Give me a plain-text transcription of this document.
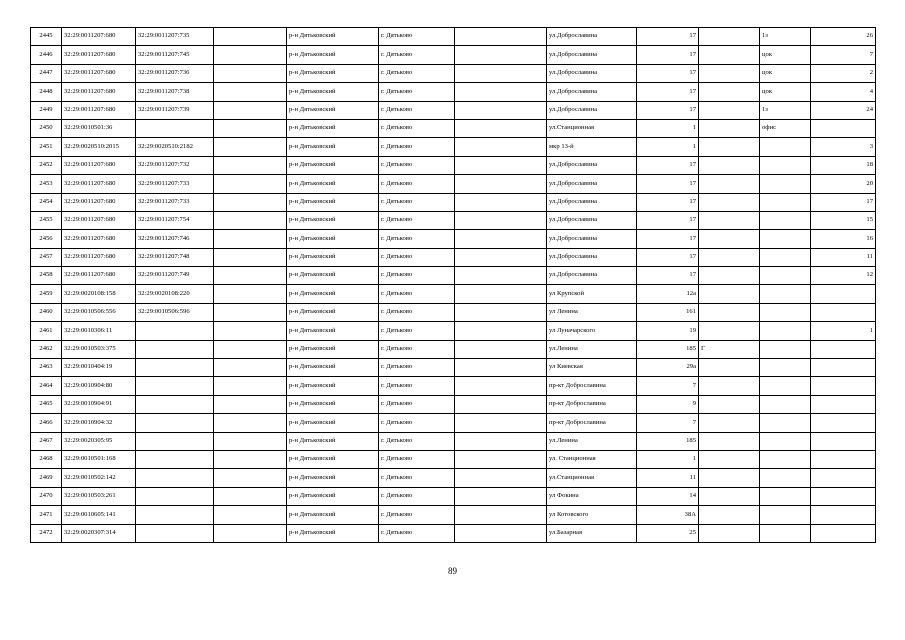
2445	32:29:0011207:680	32:29:0011207:735		р-н Дятьковский	г. Дятьково		ул.Доброславина	17		1з	26
2446	32:29:0011207:680	32:29:0011207:745		р-н Дятьковский	г. Дятьково		ул.Доброславина	17		цок	7
2447	32:29:0011207:680	32:29:0011207:736		р-н Дятьковский	г. Дятьково		ул.Доброславина	17		цок	2
2448	32:29:0011207:680	32:29:0011207:738		р-н Дятьковский	г. Дятьково		ул.Доброславина	17		цок	4
2449	32:29:0011207:680	32:29:0011207:739		р-н Дятьковский	г. Дятьково		ул.Доброславина	17		1з	24
2450	32:29:0010501:36			р-н Дятьковский	г. Дятьково		ул.Станционная	1		офис	
2451	32:29:0020510:2015	32:29:0020510:2182		р-н Дятьковский	г. Дятьково		мкр 13-й	1			3
2452	32:29:0011207:680	32:29:0011207:732		р-н Дятьковский	г. Дятьково		ул.Доброславина	17			18
2453	32:29:0011207:680	32:29:0011207:733		р-н Дятьковский	г. Дятьково		ул.Доброславина	17			20
2454	32:29:0011207:680	32:29:0011207:733		р-н Дятьковский	г. Дятьково		ул.Доброславина	17			17
2455	32:29:0011207:680	32:29:0011207:754		р-н Дятьковский	г. Дятьково		ул.Доброславина	17			15
2456	32:29:0011207:680	32:29:0011207:746		р-н Дятьковский	г. Дятьково		ул.Доброславина	17			16
2457	32:29:0011207:680	32:29:0011207:748		р-н Дятьковский	г. Дятьково		ул.Доброславина	17			11
2458	32:29:0011207:680	32:29:0011207:749		р-н Дятьковский	г. Дятьково		ул.Доброславина	17			12
2459	32:29:0020108:158	32:29:0020108:220		р-н Дятьковский	г. Дятьково		ул Крупской	12а			
2460	32:29:0010506:556	32:29:0010506:596		р-н Дятьковский	г. Дятьково		ул Ленина	161			
2461	32:29:0010306:11			р-н Дятьковский	г. Дятьково		ул Луначарского	19			1
2462	32:29:0010503:375			р-н Дятьковский	г. Дятьково		ул.Ленина	185	Г		
2463	32:29:0010404:19			р-н Дятьковский	г. Дятьково		ул Киевская	29а			
2464	32:29:0010904:80			р-н Дятьковский	г. Дятьково		пр-кт Доброславина	7			
2465	32:29:0010904:91			р-н Дятьковский	г. Дятьково		пр-кт Доброславина	9			
2466	32:29:0010904:32			р-н Дятьковский	г. Дятьково		пр-кт Доброславина	7			
2467	32:29:0020305:95			р-н Дятьковский	г. Дятьково		ул.Ленина	185			
2468	32:29:0010501:168			р-н Дятьковский	г. Дятьково		ул. Станционная	1			
2469	32:29:0010502:142			р-н Дятьковский	г. Дятьково		ул.Станционная	11			
2470	32:29:0010503:261			р-н Дятьковский	г. Дятьково		ул Фокина	14			
2471	32:29:0010605:141			р-н Дятьковский	г. Дятьково		ул Котовского	38А			
2472	32:29:0020307:314			р-н Дятьковский	г. Дятьково		ул.Базарная	25			
89
